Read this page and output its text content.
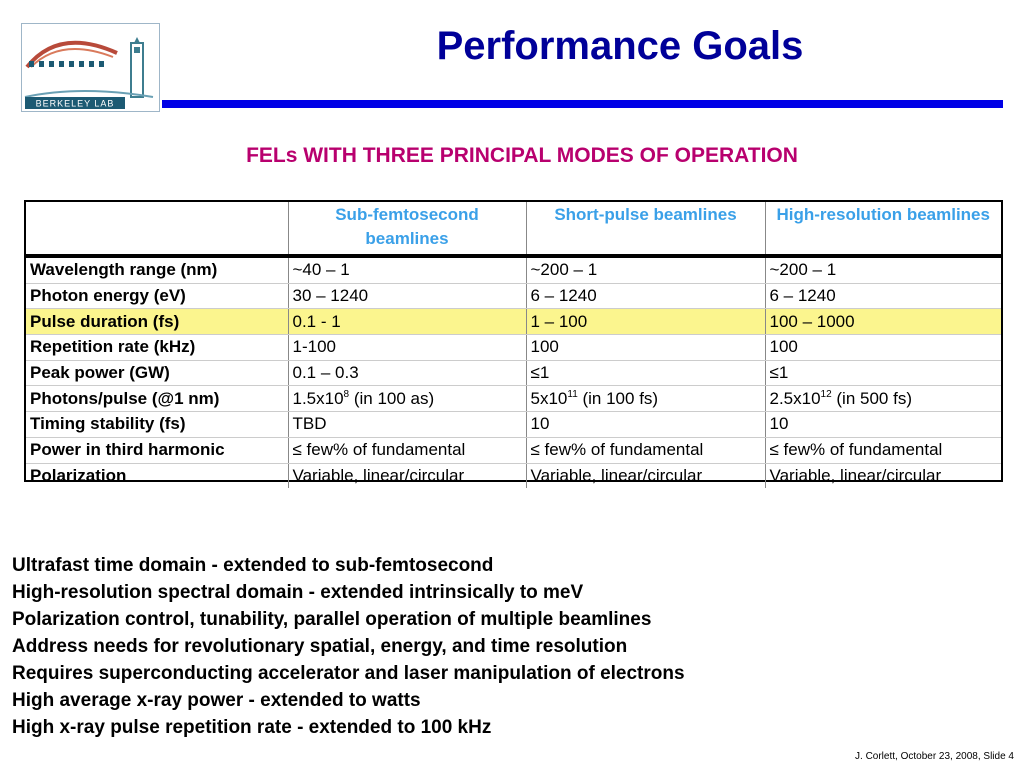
BERKELEY LAB
Performance Goals
FELs WITH THREE PRINCIPAL MODES OF OPERATION
	Sub-femtosecond beamlines	Short-pulse beamlines	High-resolution beamlines
Wavelength range (nm)	~40 – 1	~200 – 1	~200 – 1
Photon energy (eV)	30 – 1240	6 – 1240	6 – 1240
Pulse duration (fs)	0.1 - 1	1 – 100	100 – 1000
Repetition rate (kHz)	1-100	100	100
Peak power (GW)	0.1 – 0.3	≤1	≤1
Photons/pulse (@1 nm)	$1.5x10^8$ (in 100 as)	$5x10^{11}$ (in 100 fs)	$2.5x10^{12}$ (in 500 fs)
Timing stability (fs)	TBD	10	10
Power in third harmonic	≤ few% of fundamental	≤ few% of fundamental	≤ few% of fundamental
Polarization	Variable, linear/circular	Variable, linear/circular	Variable, linear/circular
Ultrafast time domain - extended to sub-femtosecond
High-resolution spectral domain - extended intrinsically to meV
Polarization control, tunability, parallel operation of multiple beamlines
Address needs for revolutionary spatial, energy, and time resolution
Requires superconducting accelerator and laser manipulation of electrons
High average x-ray power - extended to watts
High x-ray pulse repetition rate - extended to 100 kHz
J. Corlett, October 23, 2008, Slide 4
